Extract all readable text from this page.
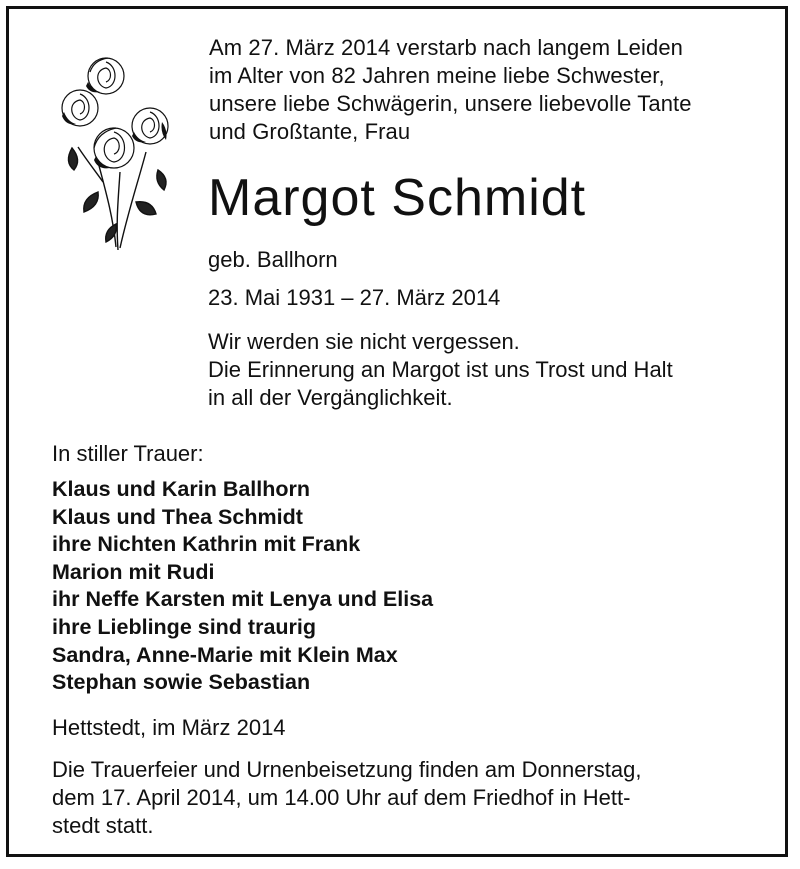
Am 27. März 2014 verstarb nach langem Leiden
im Alter von 82 Jahren meine liebe Schwester,
unsere liebe Schwägerin, unsere liebevolle Tante
und Großtante, Frau
Margot Schmidt
geb. Ballhorn
23. Mai 1931 – 27. März 2014
Wir werden sie nicht vergessen.
Die Erinnerung an Margot ist uns Trost und Halt
in all der Vergänglichkeit.
In stiller Trauer:
Klaus und Karin Ballhorn
Klaus und Thea Schmidt
ihre Nichten Kathrin mit Frank
Marion mit Rudi
ihr Neffe Karsten mit Lenya und Elisa
ihre Lieblinge sind traurig
Sandra, Anne-Marie mit Klein Max
Stephan sowie Sebastian
Hettstedt, im März 2014
Die Trauerfeier und Urnenbeisetzung finden am Donnerstag,
dem 17. April 2014, um 14.00 Uhr auf dem Friedhof in Hett-
stedt statt.
